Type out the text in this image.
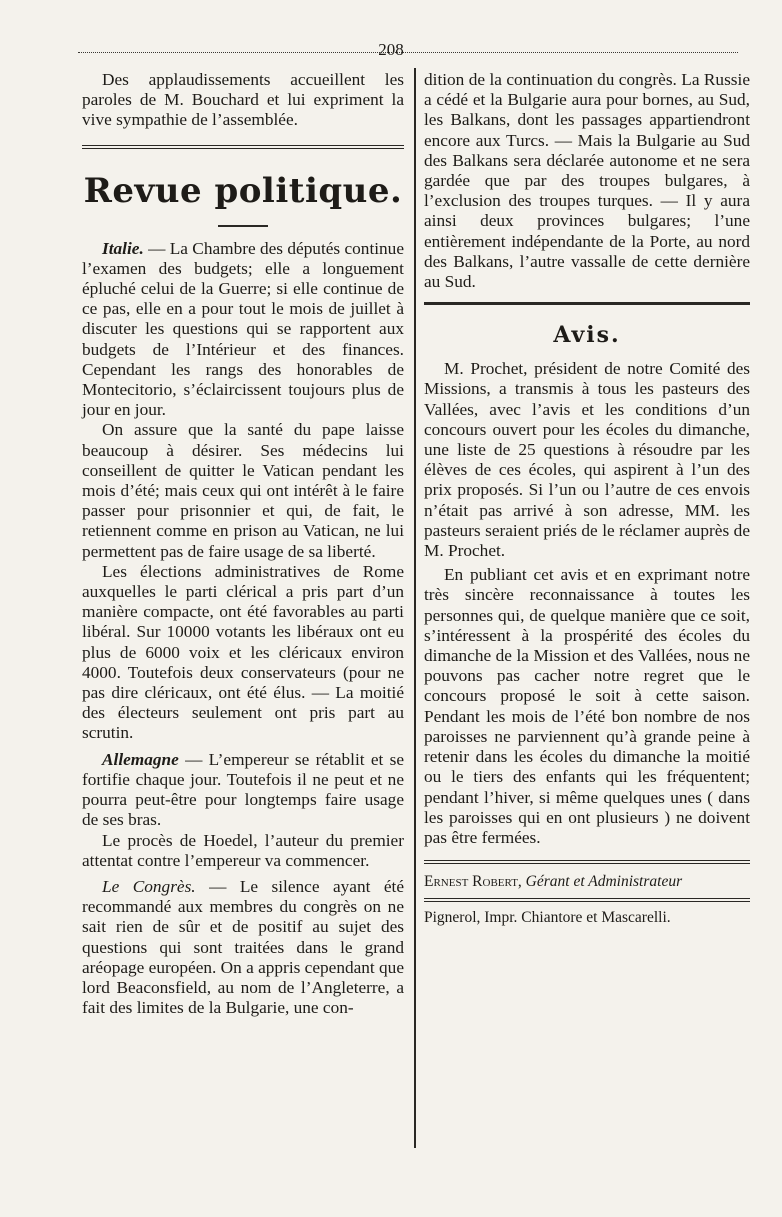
208

Des applaudissements accueillent les paroles de M. Bouchard et lui expriment la vive sympathie de l’assemblée.

Revue politique.

Italie. — La Chambre des députés continue l’examen des budgets; elle a longuement épluché celui de la Guerre; si elle continue de ce pas, elle en a pour tout le mois de juillet à discuter les questions qui se rapportent aux budgets de l’Intérieur et des finances. Cependant les rangs des honorables de Montecitorio, s’éclaircissent toujours plus de jour en jour.

On assure que la santé du pape laisse beaucoup à désirer. Ses médecins lui conseillent de quitter le Vatican pendant les mois d’été; mais ceux qui ont intérêt à le faire passer pour prisonnier et qui, de fait, le retiennent comme en prison au Vatican, ne lui permettent pas de faire usage de sa liberté.

Les élections administratives de Rome auxquelles le parti clérical a pris part d’un manière compacte, ont été favorables au parti libéral. Sur 10000 votants les libéraux ont eu plus de 6000 voix et les cléricaux environ 4000. Toutefois deux conservateurs (pour ne pas dire cléricaux, ont été élus. — La moitié des électeurs seulement ont pris part au scrutin.

Allemagne — L’empereur se rétablit et se fortifie chaque jour. Toutefois il ne peut et ne pourra peut-être pour longtemps faire usage de ses bras.

Le procès de Hoedel, l’auteur du premier attentat contre l’empereur va commencer.

Le Congrès. — Le silence ayant été recommandé aux membres du congrès on ne sait rien de sûr et de positif au sujet des questions qui sont traitées dans le grand aréopage européen. On a appris cependant que lord Beaconsfield, au nom de l’Angleterre, a fait des limites de la Bulgarie, une con-

dition de la continuation du congrès. La Russie a cédé et la Bulgarie aura pour bornes, au Sud, les Balkans, dont les passages appartiendront encore aux Turcs. — Mais la Bulgarie au Sud des Balkans sera déclarée autonome et ne sera gardée que par des troupes bulgares, à l’exclusion des troupes turques. — Il y aura ainsi deux provinces bulgares; l’une entièrement indépendante de la Porte, au nord des Balkans, l’autre vassalle de cette dernière au Sud.

Avis.

M. Prochet, président de notre Comité des Missions, a transmis à tous les pasteurs des Vallées, avec l’avis et les conditions d’un concours ouvert pour les écoles du dimanche, une liste de 25 questions à résoudre par les élèves de ces écoles, qui aspirent à l’un des prix proposés. Si l’un ou l’autre de ces envois n’était pas arrivé à son adresse, MM. les pasteurs seraient priés de le réclamer auprès de M. Prochet.

En publiant cet avis et en exprimant notre très sincère reconnaissance à toutes les personnes qui, de quelque manière que ce soit, s’intéressent à la prospérité des écoles du dimanche de la Mission et des Vallées, nous ne pouvons pas cacher notre regret que le concours proposé le soit à cette saison. Pendant les mois de l’été bon nombre de nos paroisses ne parviennent qu’à grande peine à retenir dans les écoles du dimanche la moitié ou le tiers des enfants qui les fréquentent; pendant l’hiver, si même quelques unes ( dans les paroisses qui en ont plusieurs ) ne doivent pas être fermées.

Ernest Robert, Gérant et Administrateur

Pignerol, Impr. Chiantore et Mascarelli.
